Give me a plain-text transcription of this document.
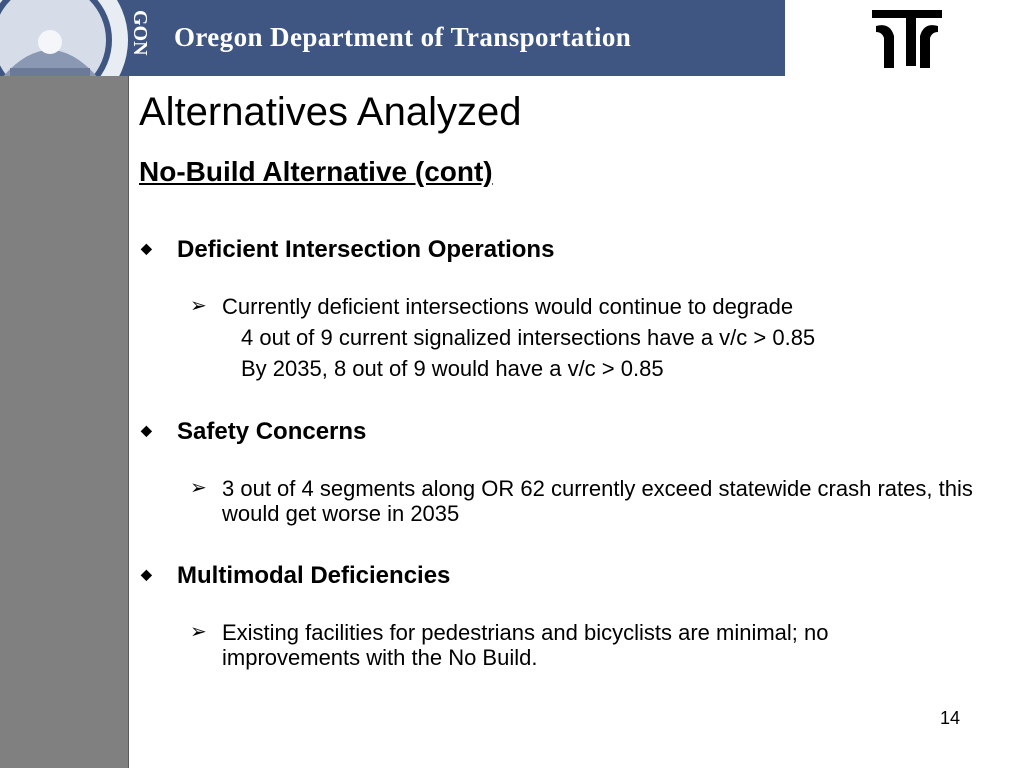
GON Oregon Department of Transportation
Alternatives Analyzed
No-Build Alternative (cont)
◆ Deficient Intersection Operations
➢ Currently deficient intersections would continue to degrade
4 out of 9 current signalized intersections have a v/c > 0.85
By 2035, 8 out of 9 would have a v/c > 0.85
◆ Safety Concerns
➢ 3 out of 4 segments along OR 62 currently exceed statewide crash rates, this would get worse in 2035
◆ Multimodal Deficiencies
➢ Existing facilities for pedestrians and bicyclists are minimal; no improvements with the No Build.
14
